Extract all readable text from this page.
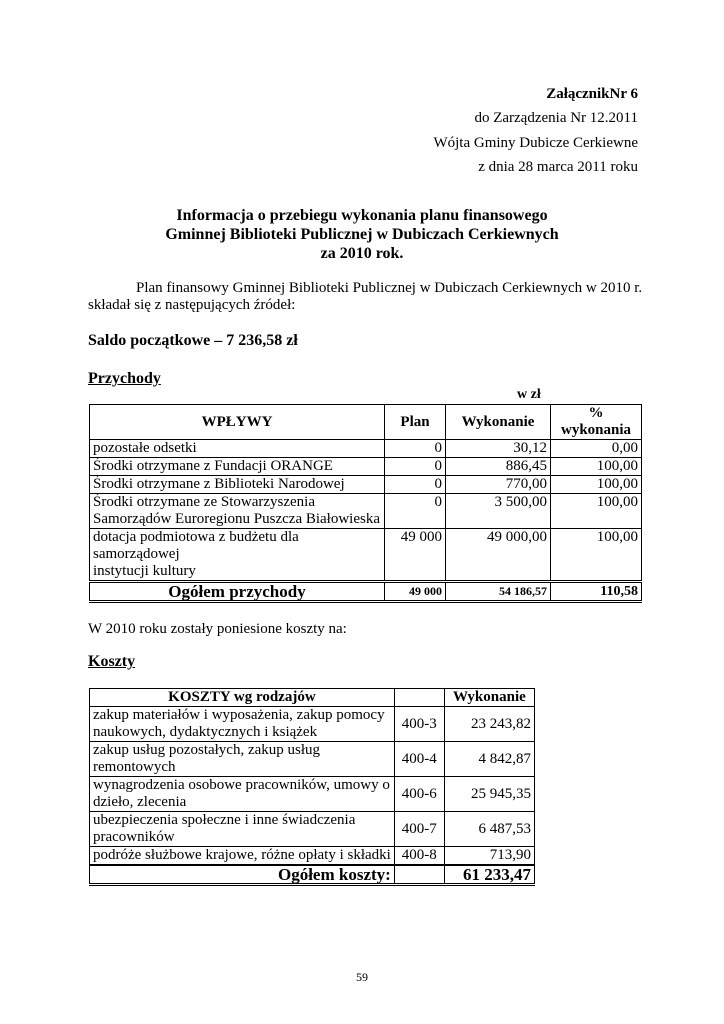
ZałącznikNr 6
do Zarządzenia Nr 12.2011
Wójta Gminy Dubicze Cerkiewne
z dnia 28 marca 2011 roku
Informacja o przebiegu wykonania planu finansowego
Gminnej Biblioteki Publicznej w Dubiczach Cerkiewnych
za 2010 rok.
Plan finansowy Gminnej Biblioteki Publicznej w Dubiczach Cerkiewnych w 2010 r.
składał się z następujących źródeł:
Saldo początkowe – 7 236,58 zł
Przychody
w zł
WPŁYWY	Plan	Wykonanie	%
wykonania

pozostałe odsetki	0	30,12	0,00
Środki otrzymane z Fundacji ORANGE	0	886,45	100,00
Środki otrzymane z Biblioteki Narodowej	0	770,00	100,00

Środki otrzymane ze Stowarzyszenia
Samorządów Euroregionu Puszcza Białowieska	0	3 500,00	100,00

dotacja podmiotowa z budżetu dla samorządowej
instytucji kultury	49 000	49 000,00	100,00
Ogółem przychody	49 000	54 186,57	110,58
W 2010 roku zostały poniesione koszty na:
Koszty
KOSZTY wg rodzajów		Wykonanie

zakup materiałów i wyposażenia, zakup pomocy
naukowych, dydaktycznych i książek	400-3	23 243,82

zakup usług pozostałych, zakup usług
remontowych	400-4	4 842,87

wynagrodzenia osobowe pracowników, umowy o
dzieło, zlecenia	400-6	25 945,35

ubezpieczenia społeczne i inne świadczenia
pracowników	400-7	6 487,53
podróże służbowe krajowe, różne opłaty i składki	400-8	713,90
Ogółem koszty:		61 233,47
59
